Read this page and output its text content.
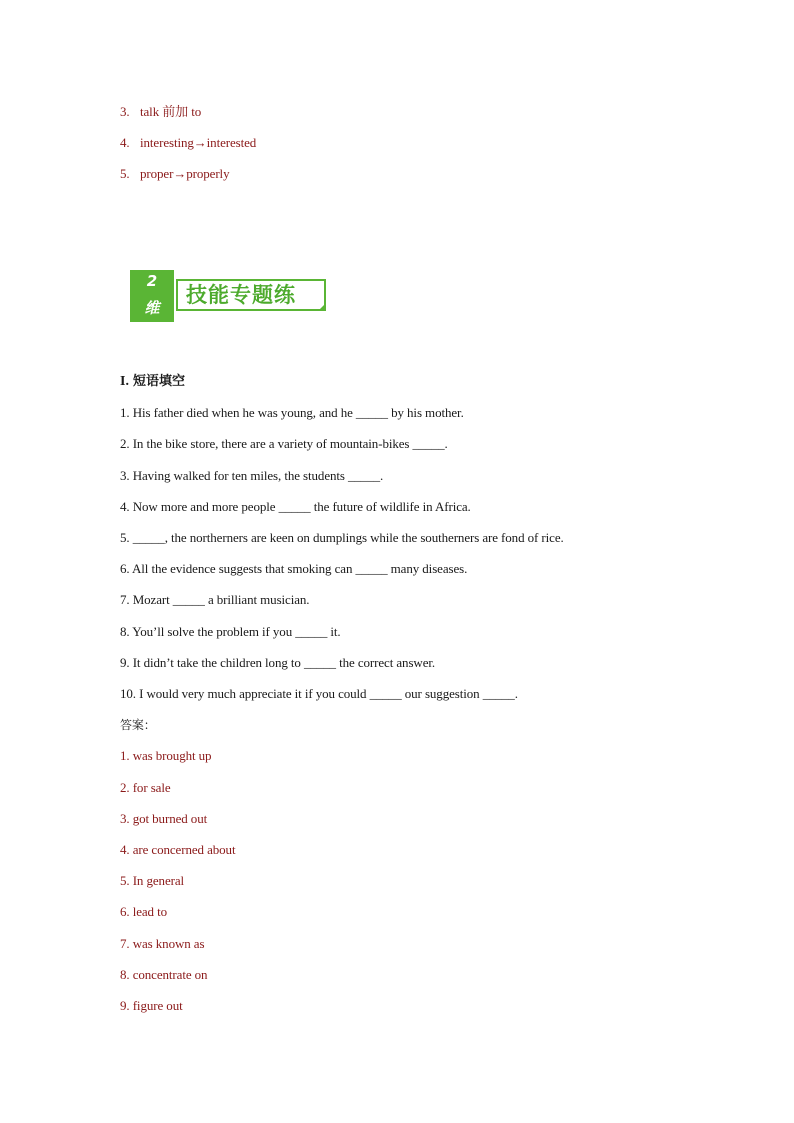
3. talk 前加 to
4. interesting→interested
5. proper→properly
2
维
技能专题练
I. 短语填空
1. His father died when he was young, and he _____ by his mother.
2. In the bike store, there are a variety of mountain-bikes _____.
3. Having walked for ten miles, the students _____.
4. Now more and more people _____ the future of wildlife in Africa.
5. _____, the northerners are keen on dumplings while the southerners are fond of rice.
6. All the evidence suggests that smoking can _____ many diseases.
7. Mozart _____ a brilliant musician.
8. You’ll solve the problem if you _____ it.
9. It didn’t take the children long to _____ the correct answer.
10. I would very much appreciate it if you could _____ our suggestion _____.
答案：
1. was brought up
2. for sale
3. got burned out
4. are concerned about
5. In general
6. lead to
7. was known as
8. concentrate on
9. figure out
